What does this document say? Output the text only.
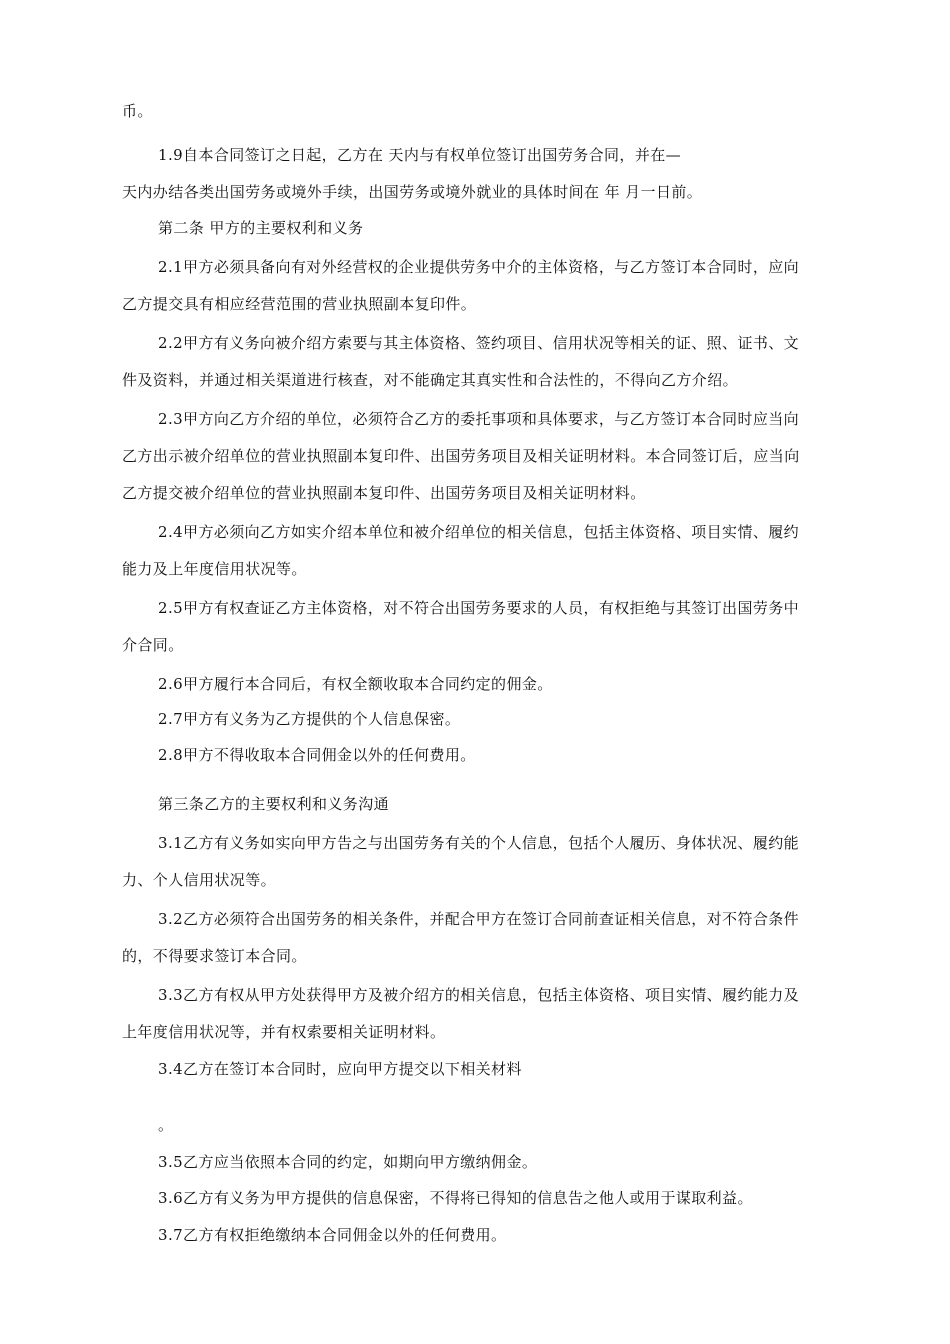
币。
1.9自本合同签订之日起，乙方在 天内与有权单位签订出国劳务合同，并在—
天内办结各类出国劳务或境外手续，出国劳务或境外就业的具体时间在 年 月一日前。
第二条 甲方的主要权利和义务
2.1甲方必须具备向有对外经营权的企业提供劳务中介的主体资格，与乙方签订本合同时，应向
乙方提交具有相应经营范围的营业执照副本复印件。
2.2甲方有义务向被介绍方索要与其主体资格、签约项目、信用状况等相关的证、照、证书、文
件及资料，并通过相关渠道进行核查，对不能确定其真实性和合法性的，不得向乙方介绍。
2.3甲方向乙方介绍的单位，必须符合乙方的委托事项和具体要求，与乙方签订本合同时应当向
乙方出示被介绍单位的营业执照副本复印件、出国劳务项目及相关证明材料。本合同签订后，应当向
乙方提交被介绍单位的营业执照副本复印件、出国劳务项目及相关证明材料。
2.4甲方必须向乙方如实介绍本单位和被介绍单位的相关信息，包括主体资格、项目实情、履约
能力及上年度信用状况等。
2.5甲方有权查证乙方主体资格，对不符合出国劳务要求的人员，有权拒绝与其签订出国劳务中
介合同。
2.6甲方履行本合同后，有权全额收取本合同约定的佣金。
2.7甲方有义务为乙方提供的个人信息保密。
2.8甲方不得收取本合同佣金以外的任何费用。
第三条乙方的主要权利和义务沟通
3.1乙方有义务如实向甲方告之与出国劳务有关的个人信息，包括个人履历、身体状况、履约能
力、个人信用状况等。
3.2乙方必须符合出国劳务的相关条件，并配合甲方在签订合同前查证相关信息，对不符合条件
的，不得要求签订本合同。
3.3乙方有权从甲方处获得甲方及被介绍方的相关信息，包括主体资格、项目实情、履约能力及
上年度信用状况等，并有权索要相关证明材料。
3.4乙方在签订本合同时，应向甲方提交以下相关材料
。
3.5乙方应当依照本合同的约定，如期向甲方缴纳佣金。
3.6乙方有义务为甲方提供的信息保密，不得将已得知的信息告之他人或用于谋取利益。
3.7乙方有权拒绝缴纳本合同佣金以外的任何费用。
